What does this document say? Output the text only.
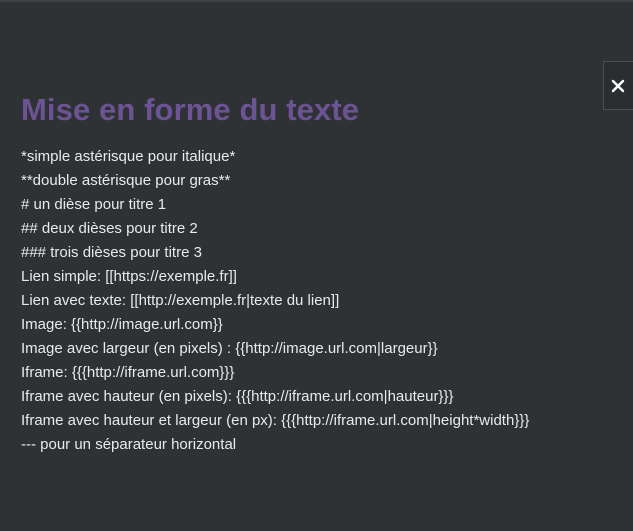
Mise en forme du texte
*simple astérisque pour italique*
**double astérisque pour gras**
# un dièse pour titre 1
## deux dièses pour titre 2
### trois dièses pour titre 3
Lien simple: [[https://exemple.fr]]
Lien avec texte: [[http://exemple.fr|texte du lien]]
Image: {{http://image.url.com}}
Image avec largeur (en pixels) : {{http://image.url.com|largeur}}
Iframe: {{{http://iframe.url.com}}}
Iframe avec hauteur (en pixels): {{{http://iframe.url.com|hauteur}}}
Iframe avec hauteur et largeur (en px): {{{http://iframe.url.com|height*width}}}
--- pour un séparateur horizontal
